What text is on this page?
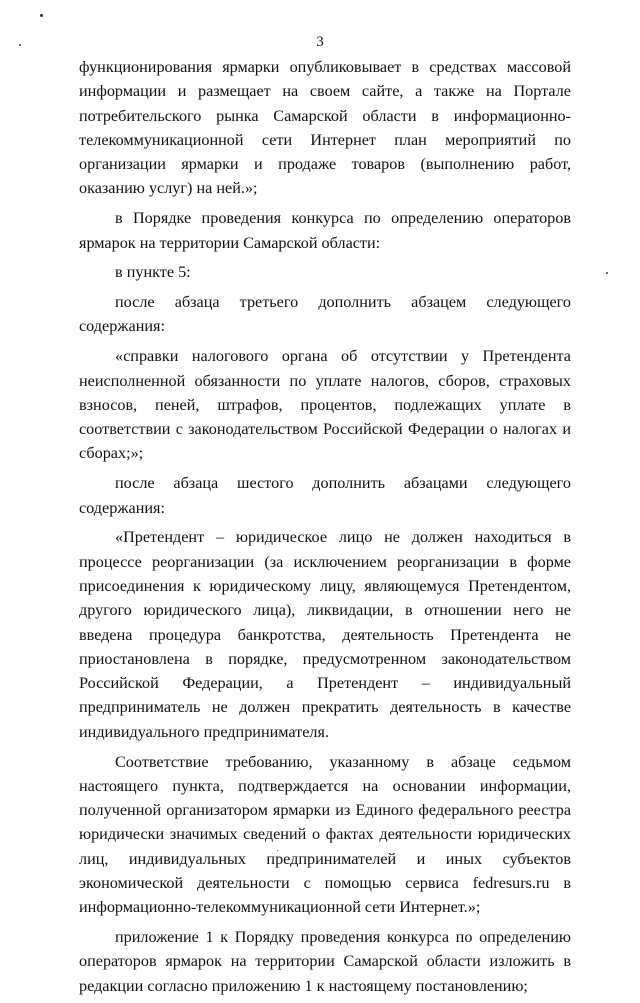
3

функционирования ярмарки опубликовывает в средствах массовой информации и размещает на своем сайте, а также на Портале потребительского рынка Самарской области в информационно-телекоммуникационной сети Интернет план мероприятий по организации ярмарки и продаже товаров (выполнению работ, оказанию услуг) на ней.»;

в Порядке проведения конкурса по определению операторов ярмарок на территории Самарской области:

в пункте 5:

после абзаца третьего дополнить абзацем следующего содержания:

«справки налогового органа об отсутствии у Претендента неисполненной обязанности по уплате налогов, сборов, страховых взносов, пеней, штрафов, процентов, подлежащих уплате в соответствии с законодательством Российской Федерации о налогах и сборах;»;

после абзаца шестого дополнить абзацами следующего содержания:

«Претендент – юридическое лицо не должен находиться в процессе реорганизации (за исключением реорганизации в форме присоединения к юридическому лицу, являющемуся Претендентом, другого юридического лица), ликвидации, в отношении него не введена процедура банкротства, деятельность Претендента не приостановлена в порядке, предусмотренном законодательством Российской Федерации, а Претендент – индивидуальный предприниматель не должен прекратить деятельность в качестве индивидуального предпринимателя.

Соответствие требованию, указанному в абзаце седьмом настоящего пункта, подтверждается на основании информации, полученной организатором ярмарки из Единого федерального реестра юридически значимых сведений о фактах деятельности юридических лиц, индивидуальных предпринимателей и иных субъектов экономической деятельности с помощью сервиса fedresurs.ru в информационно-телекоммуникационной сети Интернет.»;

приложение 1 к Порядку проведения конкурса по определению операторов ярмарок на территории Самарской области изложить в редакции согласно приложению 1 к настоящему постановлению;
